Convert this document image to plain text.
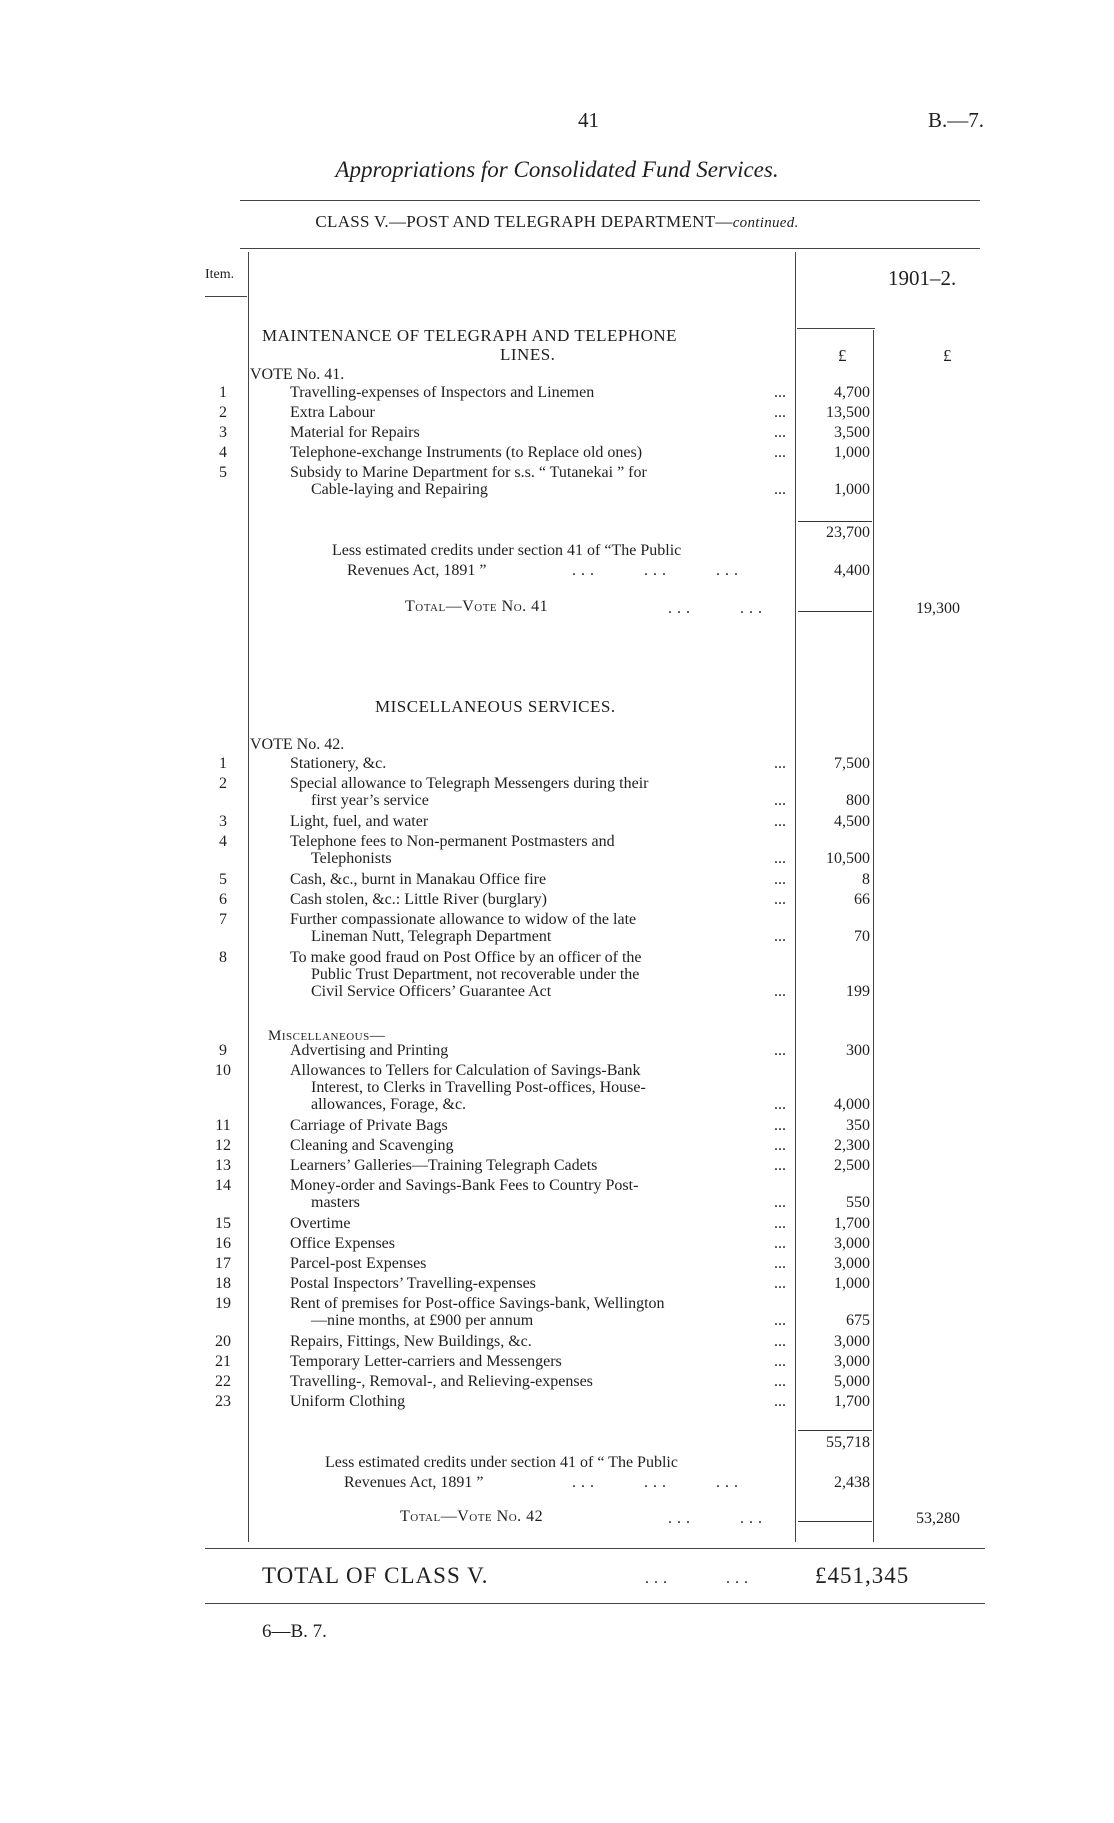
41	B.—7.
Appropriations for Consolidated Fund Services.
CLASS V.—POST AND TELEGRAPH DEPARTMENT—continued.
Item.	1901–2.
MAINTENANCE OF TELEGRAPH AND TELEPHONE
LINES.	£	£
VOTE No. 41.
1	Travelling-expenses of Inspectors and Linemen	...	4,700
2	Extra Labour	...	13,500
3	Material for Repairs	...	3,500
4	Telephone-exchange Instruments (to Replace old ones)	...	1,000
5	Subsidy to Marine Department for s.s. “ Tutanekai ” for
Cable-laying and Repairing	...	1,000
23,700
Less estimated credits under section 41 of “The Public
Revenues Act, 1891 ”	...     ...     ...	4,400
Total—Vote No. 41	...     ...	19,300
MISCELLANEOUS SERVICES.
VOTE No. 42.
1	Stationery, &c.	...	7,500
2	Special allowance to Telegraph Messengers during their
first year’s service	...	800
3	Light, fuel, and water	...	4,500
4	Telephone fees to Non-permanent Postmasters and
Telephonists	...	10,500
5	Cash, &c., burnt in Manakau Office fire	...	8
6	Cash stolen, &c.: Little River (burglary)	...	66
7	Further compassionate allowance to widow of the late
Lineman Nutt, Telegraph Department	...	70
8	To make good fraud on Post Office by an officer of the
Public Trust Department, not recoverable under the
Civil Service Officers’ Guarantee Act	...	199
9	Advertising and Printing	...	300
10	Allowances to Tellers for Calculation of Savings-Bank
Interest, to Clerks in Travelling Post-offices, House-
allowances, Forage, &c.	...	4,000
11	Carriage of Private Bags	...	350
12	Cleaning and Scavenging	...	2,300
13	Learners’ Galleries—Training Telegraph Cadets	...	2,500
14	Money-order and Savings-Bank Fees to Country Post-
masters	...	550
15	Overtime	...	1,700
16	Office Expenses	...	3,000
17	Parcel-post Expenses	...	3,000
18	Postal Inspectors’ Travelling-expenses	...	1,000
19	Rent of premises for Post-office Savings-bank, Wellington
—nine months, at £900 per annum	...	675
20	Repairs, Fittings, New Buildings, &c.	...	3,000
21	Temporary Letter-carriers and Messengers	...	3,000
22	Travelling-, Removal-, and Relieving-expenses	...	5,000
23	Uniform Clothing	...	1,700
Miscellaneous—
55,718
Less estimated credits under section 41 of “ The Public
Revenues Act, 1891 ”	...     ...     ...	2,438
Total—Vote No. 42	...     ...	53,280
TOTAL OF CLASS V.	...      ...	£451,345
6—B. 7.
